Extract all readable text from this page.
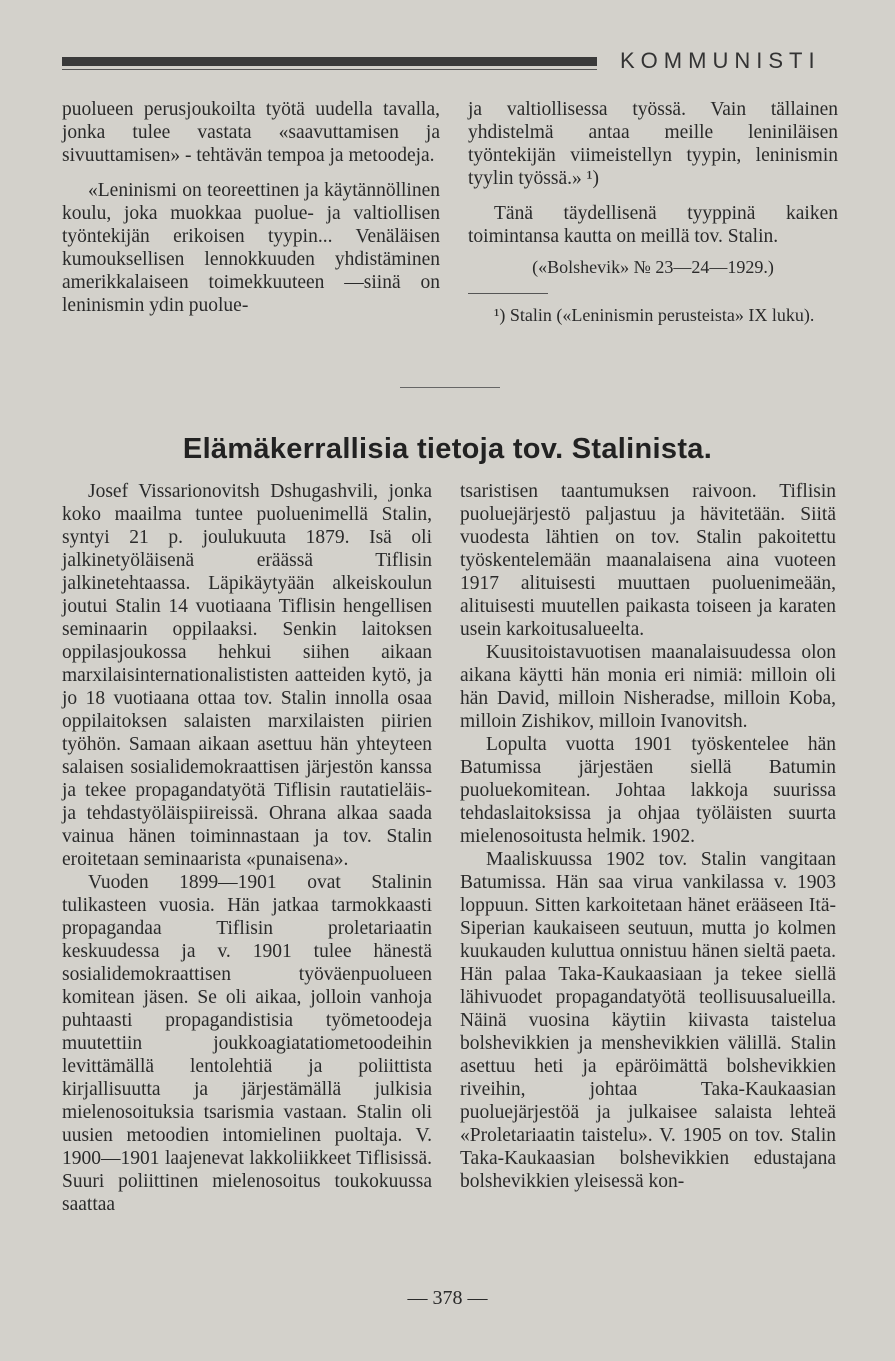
KOMMUNISTI

puolueen perusjoukoilta työtä uudella tavalla, jonka tulee vastata «saavuttamisen ja sivuuttamisen» - tehtävän tempoa ja metoodeja.

«Leninismi on teoreettinen ja käytännöllinen koulu, joka muokkaa puolue- ja valtiollisen työntekijän erikoisen tyypin... Venäläisen kumouksellisen lennokkuuden yhdistäminen amerikkalaiseen toimekkuuteen —siinä on leninismin ydin puolue-

ja valtiollisessa työssä. Vain tällainen yhdistelmä antaa meille leniniläisen työntekijän viimeistellyn tyypin, leninismin tyylin työssä.» ¹)

Tänä täydellisenä tyyppinä kaiken toimintansa kautta on meillä tov. Stalin.

(«Bolshevik» № 23—24—1929.)

¹) Stalin («Leninismin perusteista» IX luku).

Elämäkerrallisia tietoja tov. Stalinista.

Josef Vissarionovitsh Dshugashvili, jonka koko maailma tuntee puoluenimellä Stalin, syntyi 21 p. joulukuuta 1879. Isä oli jalkinetyöläisenä eräässä Tiflisin jalkinetehtaassa. Läpikäytyään alkeiskoulun joutui Stalin 14 vuotiaana Tiflisin hengellisen seminaarin oppilaaksi. Senkin laitoksen oppilasjoukossa hehkui siihen aikaan marxilaisinternationalististen aatteiden kytö, ja jo 18 vuotiaana ottaa tov. Stalin innolla osaa oppilaitoksen salaisten marxilaisten piirien työhön. Samaan aikaan asettuu hän yhteyteen salaisen sosialidemokraattisen järjestön kanssa ja tekee propagandatyötä Tiflisin rautatieläis- ja tehdastyöläispiireissä. Ohrana alkaa saada vainua hänen toiminnastaan ja tov. Stalin eroitetaan seminaarista «punaisena».

Vuoden 1899—1901 ovat Stalinin tulikasteen vuosia. Hän jatkaa tarmokkaasti propagandaa Tiflisin proletariaatin keskuudessa ja v. 1901 tulee hänestä sosialidemokraattisen työväenpuolueen komitean jäsen. Se oli aikaa, jolloin vanhoja puhtaasti propagandistisia työmetoodeja muutettiin joukkoagiatatiometoodeihin levittämällä lentolehtiä ja poliittista kirjallisuutta ja järjestämällä julkisia mielenosoituksia tsarismia vastaan. Stalin oli uusien metoodien intomielinen puoltaja. V. 1900—1901 laajenevat lakkoliikkeet Tiflisissä. Suuri poliittinen mielenosoitus toukokuussa saattaa

tsaristisen taantumuksen raivoon. Tiflisin puoluejärjestö paljastuu ja hävitetään. Siitä vuodesta lähtien on tov. Stalin pakoitettu työskentelemään maanalaisena aina vuoteen 1917 alituisesti muuttaen puoluenimeään, alituisesti muutellen paikasta toiseen ja karaten usein karkoitusalueelta.

Kuusitoistavuotisen maanalaisuudessa olon aikana käytti hän monia eri nimiä: milloin oli hän David, milloin Nisheradse, milloin Koba, milloin Zishikov, milloin Ivanovitsh.

Lopulta vuotta 1901 työskentelee hän Batumissa järjestäen siellä Batumin puoluekomitean. Johtaa lakkoja suurissa tehdaslaitoksissa ja ohjaa työläisten suurta mielenosoitusta helmik. 1902.

Maaliskuussa 1902 tov. Stalin vangitaan Batumissa. Hän saa virua vankilassa v. 1903 loppuun. Sitten karkoitetaan hänet erääseen Itä-Siperian kaukaiseen seutuun, mutta jo kolmen kuukauden kuluttua onnistuu hänen sieltä paeta. Hän palaa Taka-Kaukaasiaan ja tekee siellä lähivuodet propagandatyötä teollisuusalueilla. Näinä vuosina käytiin kiivasta taistelua bolshevikkien ja menshevikkien välillä. Stalin asettuu heti ja epäröimättä bolshevikkien riveihin, johtaa Taka-Kaukaasian puoluejärjestöä ja julkaisee salaista lehteä «Proletariaatin taistelu». V. 1905 on tov. Stalin Taka-Kaukaasian bolshevikkien edustajana bolshevikkien yleisessä kon-

— 378 —
